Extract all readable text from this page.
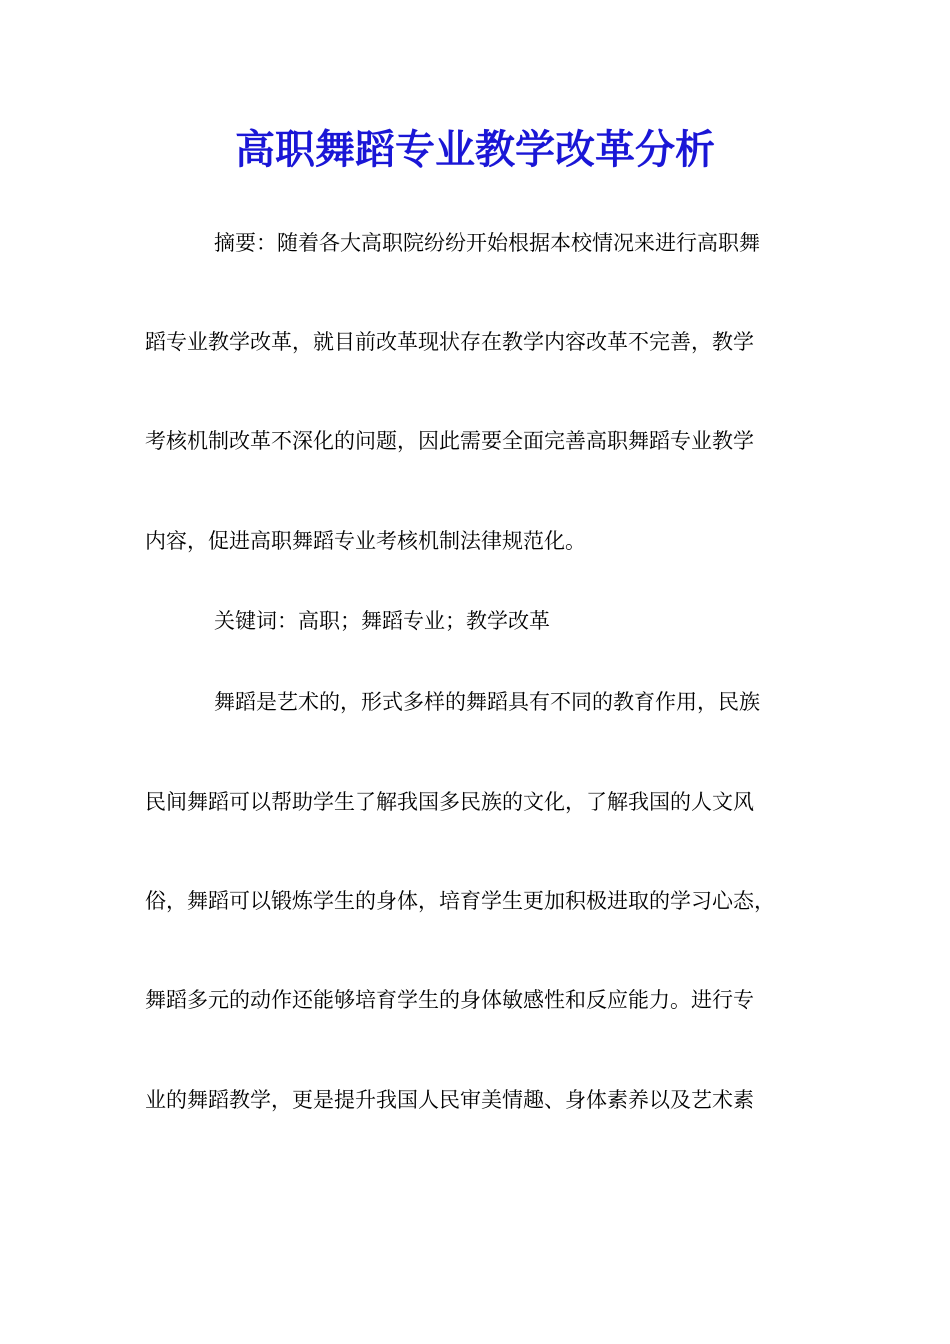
高职舞蹈专业教学改革分析
摘要：随着各大高职院纷纷开始根据本校情况来进行高职舞
蹈专业教学改革，就目前改革现状存在教学内容改革不完善，教学
考核机制改革不深化的问题，因此需要全面完善高职舞蹈专业教学
内容，促进高职舞蹈专业考核机制法律规范化。
关键词：高职；舞蹈专业；教学改革
舞蹈是艺术的，形式多样的舞蹈具有不同的教育作用，民族
民间舞蹈可以帮助学生了解我国多民族的文化，了解我国的人文风
俗，舞蹈可以锻炼学生的身体，培育学生更加积极进取的学习心态，
舞蹈多元的动作还能够培育学生的身体敏感性和反应能力。进行专
业的舞蹈教学，更是提升我国人民审美情趣、身体素养以及艺术素
